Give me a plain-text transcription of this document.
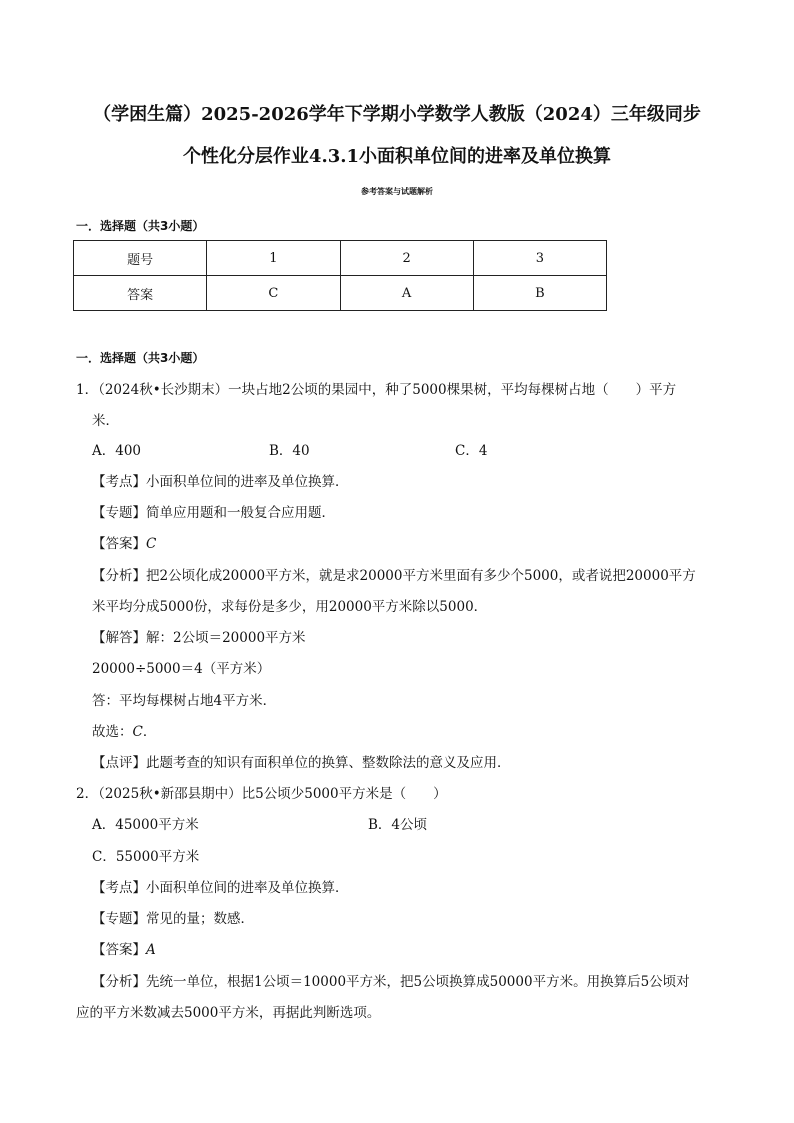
（学困生篇）2025-2026学年下学期小学数学人教版（2024）三年级同步
个性化分层作业4.3.1小面积单位间的进率及单位换算
参考答案与试题解析
一．选择题（共3小题）
题号	1	2	3
答案	C	A	B
一．选择题（共3小题）
1．（2024秋•长沙期末）一块占地2公顷的果园中，种了5000棵果树，平均每棵树占地（　　）平方
米．
A．400	B．40	C．4
【考点】小面积单位间的进率及单位换算．
【专题】简单应用题和一般复合应用题．
【答案】C
【分析】把2公顷化成20000平方米，就是求20000平方米里面有多少个5000，或者说把20000平方
米平均分成5000份，求每份是多少，用20000平方米除以5000．
【解答】解：2公顷＝20000平方米
20000÷5000＝4（平方米）
答：平均每棵树占地4平方米．
故选：C．
【点评】此题考查的知识有面积单位的换算、整数除法的意义及应用．
2．（2025秋•新邵县期中）比5公顷少5000平方米是（　　）
A．45000平方米	B．4公顷
C．55000平方米
【考点】小面积单位间的进率及单位换算．
【专题】常见的量；数感．
【答案】A
【分析】先统一单位，根据1公顷＝10000平方米，把5公顷换算成50000平方米。用换算后5公顷对
应的平方米数减去5000平方米，再据此判断选项。
